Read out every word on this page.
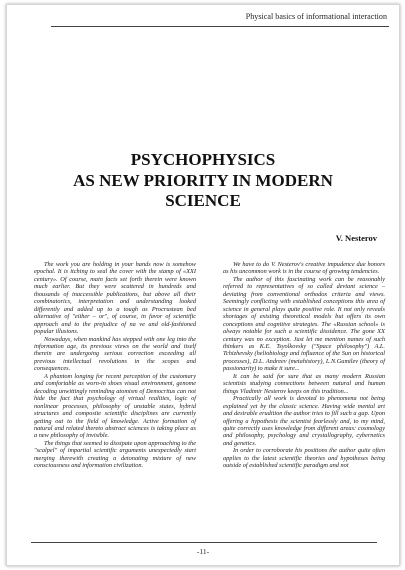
Physical basics of informational interaction
PSYCHOPHYSICS
AS NEW PRIORITY IN MODERN
SCIENCE
V. Nesterov

The work you are holding in your hands now is somehow epochal. It is itching to seal the cover with the stamp of «XXI century». Of course, main facts set forth therein were known much earlier. But they were scattered in hundreds and thousands of inaccessible publications, but above all their combinatorics, interpretation and understanding looked differently and added up to a tough as Procrustean bed alternative of "either – or", of course, in favor of scientific approach and to the prejudice of na ve and old-fashioned popular illusions.

Nowadays, when mankind has stepped with one leg into the information age, its previous views on the world and itself therein are undergoing serious correction exceeding all previous intellectual revolutions in the scopes and consequences.

A phantom longing for recent perception of the customary and comfortable as worn-in shoes visual environment, genome decoding unwittingly reminding atomism of Democritus can not hide the fact that psychology of virtual realities, logic of nonlinear processes, philosophy of unstable states, hybrid structures and composite scientific disciplines are currently getting out to the field of knowledge. Active formation of natural and related thereto abstract sciences is taking place as a new philosophy of invisible.

The things that seemed to dissipate upon approaching to the "scalpel" of impartial scientific arguments unexpectedly start merging therewith creating a detonating mixture of new consciousness and information civilization.

We have to do V. Nesterov's creative impudence due honors as his uncommon work is in the course of growing tendencies.

The author of this fascinating work can be reasonably referred to representatives of so called deviant science – deviating from conventional orthodox criteria and views. Seemingly conflicting with established conceptions this area of science in general plays quite positive role. It not only reveals shortages of existing theoretical models but offers its own conceptions and cognitive strategies. The «Russian school» is always notable for such a scientific dissidence. The gone XX century was no exception. Just let me mention names of such thinkers as K.E. Tsyolkovsky ("Space philosophy") A.L. Tchizhevsky (heliobiology and influence of the Sun on historical processes), D.L. Andreev (metahistory), L.N.Gumilev (theory of passionarity) to make it sure...

It can be said for sure that as many modern Russian scientists studying connections between natural and human things Vladimir Nesterov keeps on this tradition...

Practically all work is devoted to phenomena not being explained yet by the classic science. Having wide mental art and desirable erudition the author tries to fill such a gap. Upon offering a hypothesis the scientist fearlessly and, to my mind, quite correctly uses knowledge from different areas: cosmology and philosophy, psychology and crystallography, cybernetics and genetics.

In order to corroborate his positions the author quite often applies to the latest scientific theories and hypotheses being outside of established scientific paradigm and not

-11-
